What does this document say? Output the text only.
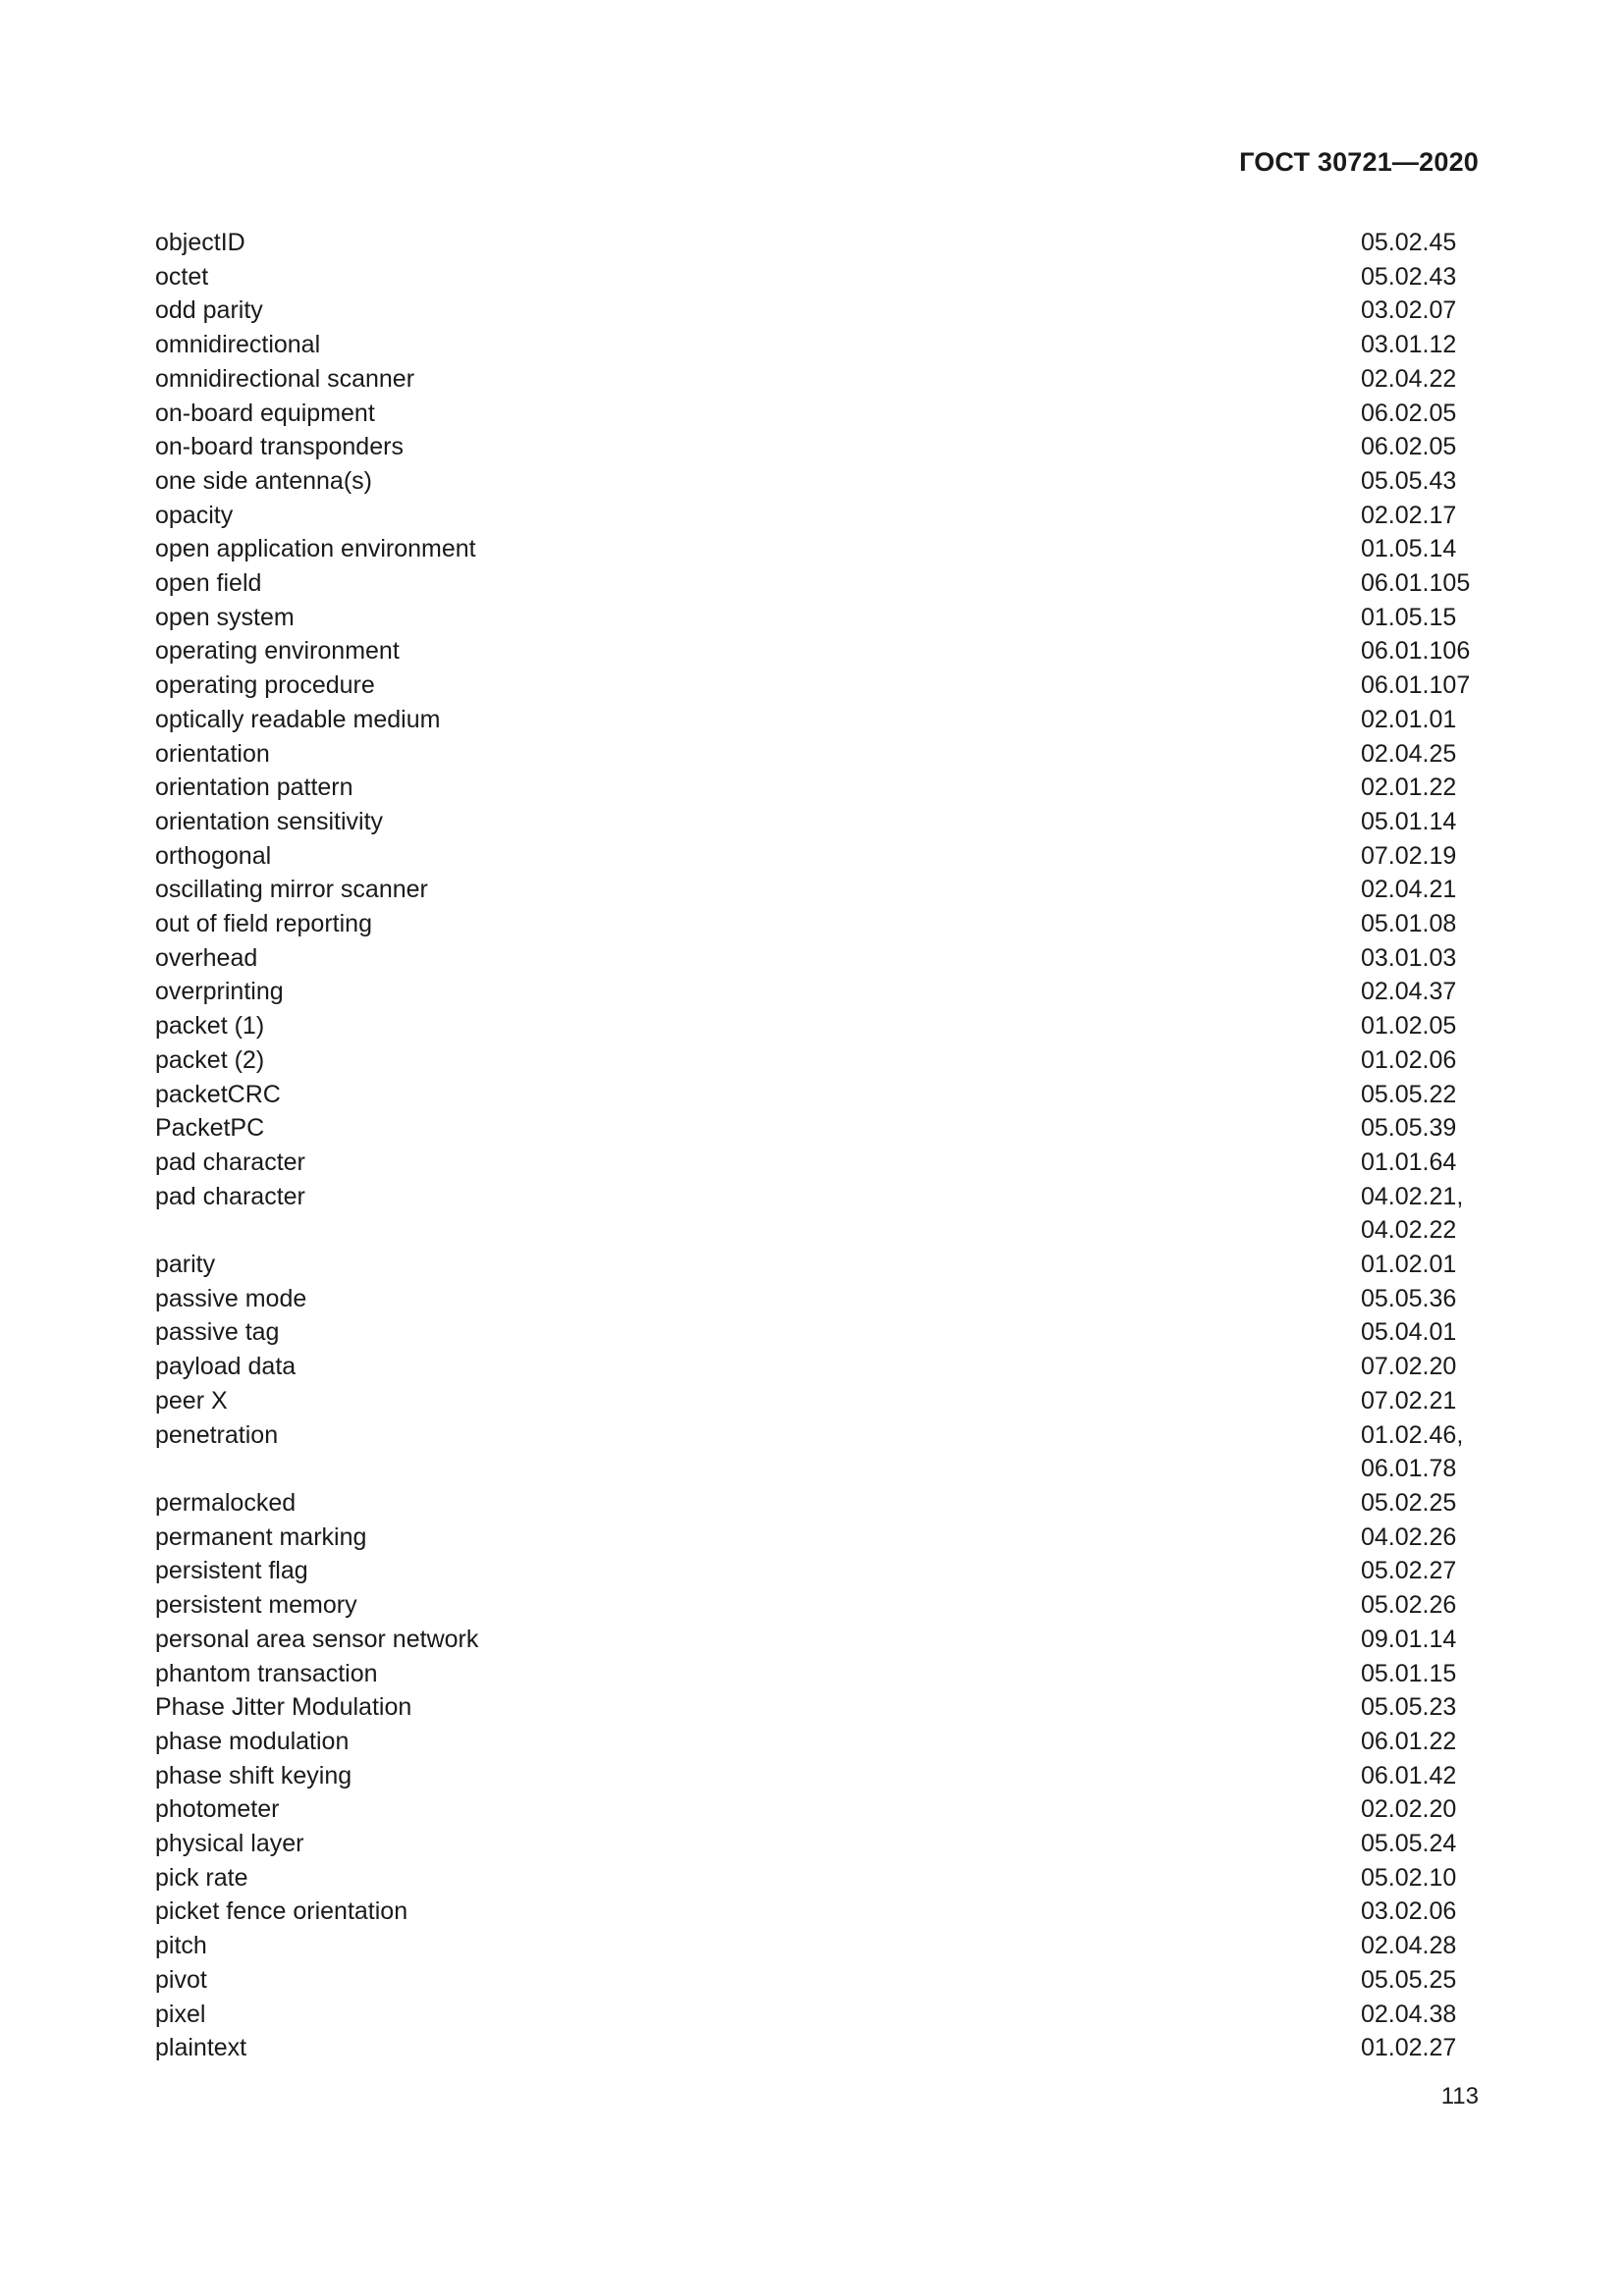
ГОСТ 30721—2020
objectID	05.02.45
octet	05.02.43
odd parity	03.02.07
omnidirectional	03.01.12
omnidirectional scanner	02.04.22
on-board equipment	06.02.05
on-board transponders	06.02.05
one side antenna(s)	05.05.43
opacity	02.02.17
open application environment	01.05.14
open field	06.01.105
open system	01.05.15
operating environment	06.01.106
operating procedure	06.01.107
optically readable medium	02.01.01
orientation	02.04.25
orientation pattern	02.01.22
orientation sensitivity	05.01.14
orthogonal	07.02.19
oscillating mirror scanner	02.04.21
out of field reporting	05.01.08
overhead	03.01.03
overprinting	02.04.37
packet (1)	01.02.05
packet (2)	01.02.06
packetCRC	05.05.22
PacketPC	05.05.39
pad character	01.01.64
pad character	04.02.21,
04.02.22
parity	01.02.01
passive mode	05.05.36
passive tag	05.04.01
payload data	07.02.20
peer X	07.02.21
penetration	01.02.46,
06.01.78
permalocked	05.02.25
permanent marking	04.02.26
persistent flag	05.02.27
persistent memory	05.02.26
personal area sensor network	09.01.14
phantom transaction	05.01.15
Phase Jitter Modulation	05.05.23
phase modulation	06.01.22
phase shift keying	06.01.42
photometer	02.02.20
physical layer	05.05.24
pick rate	05.02.10
picket fence orientation	03.02.06
pitch	02.04.28
pivot	05.05.25
pixel	02.04.38
plaintext	01.02.27
113
